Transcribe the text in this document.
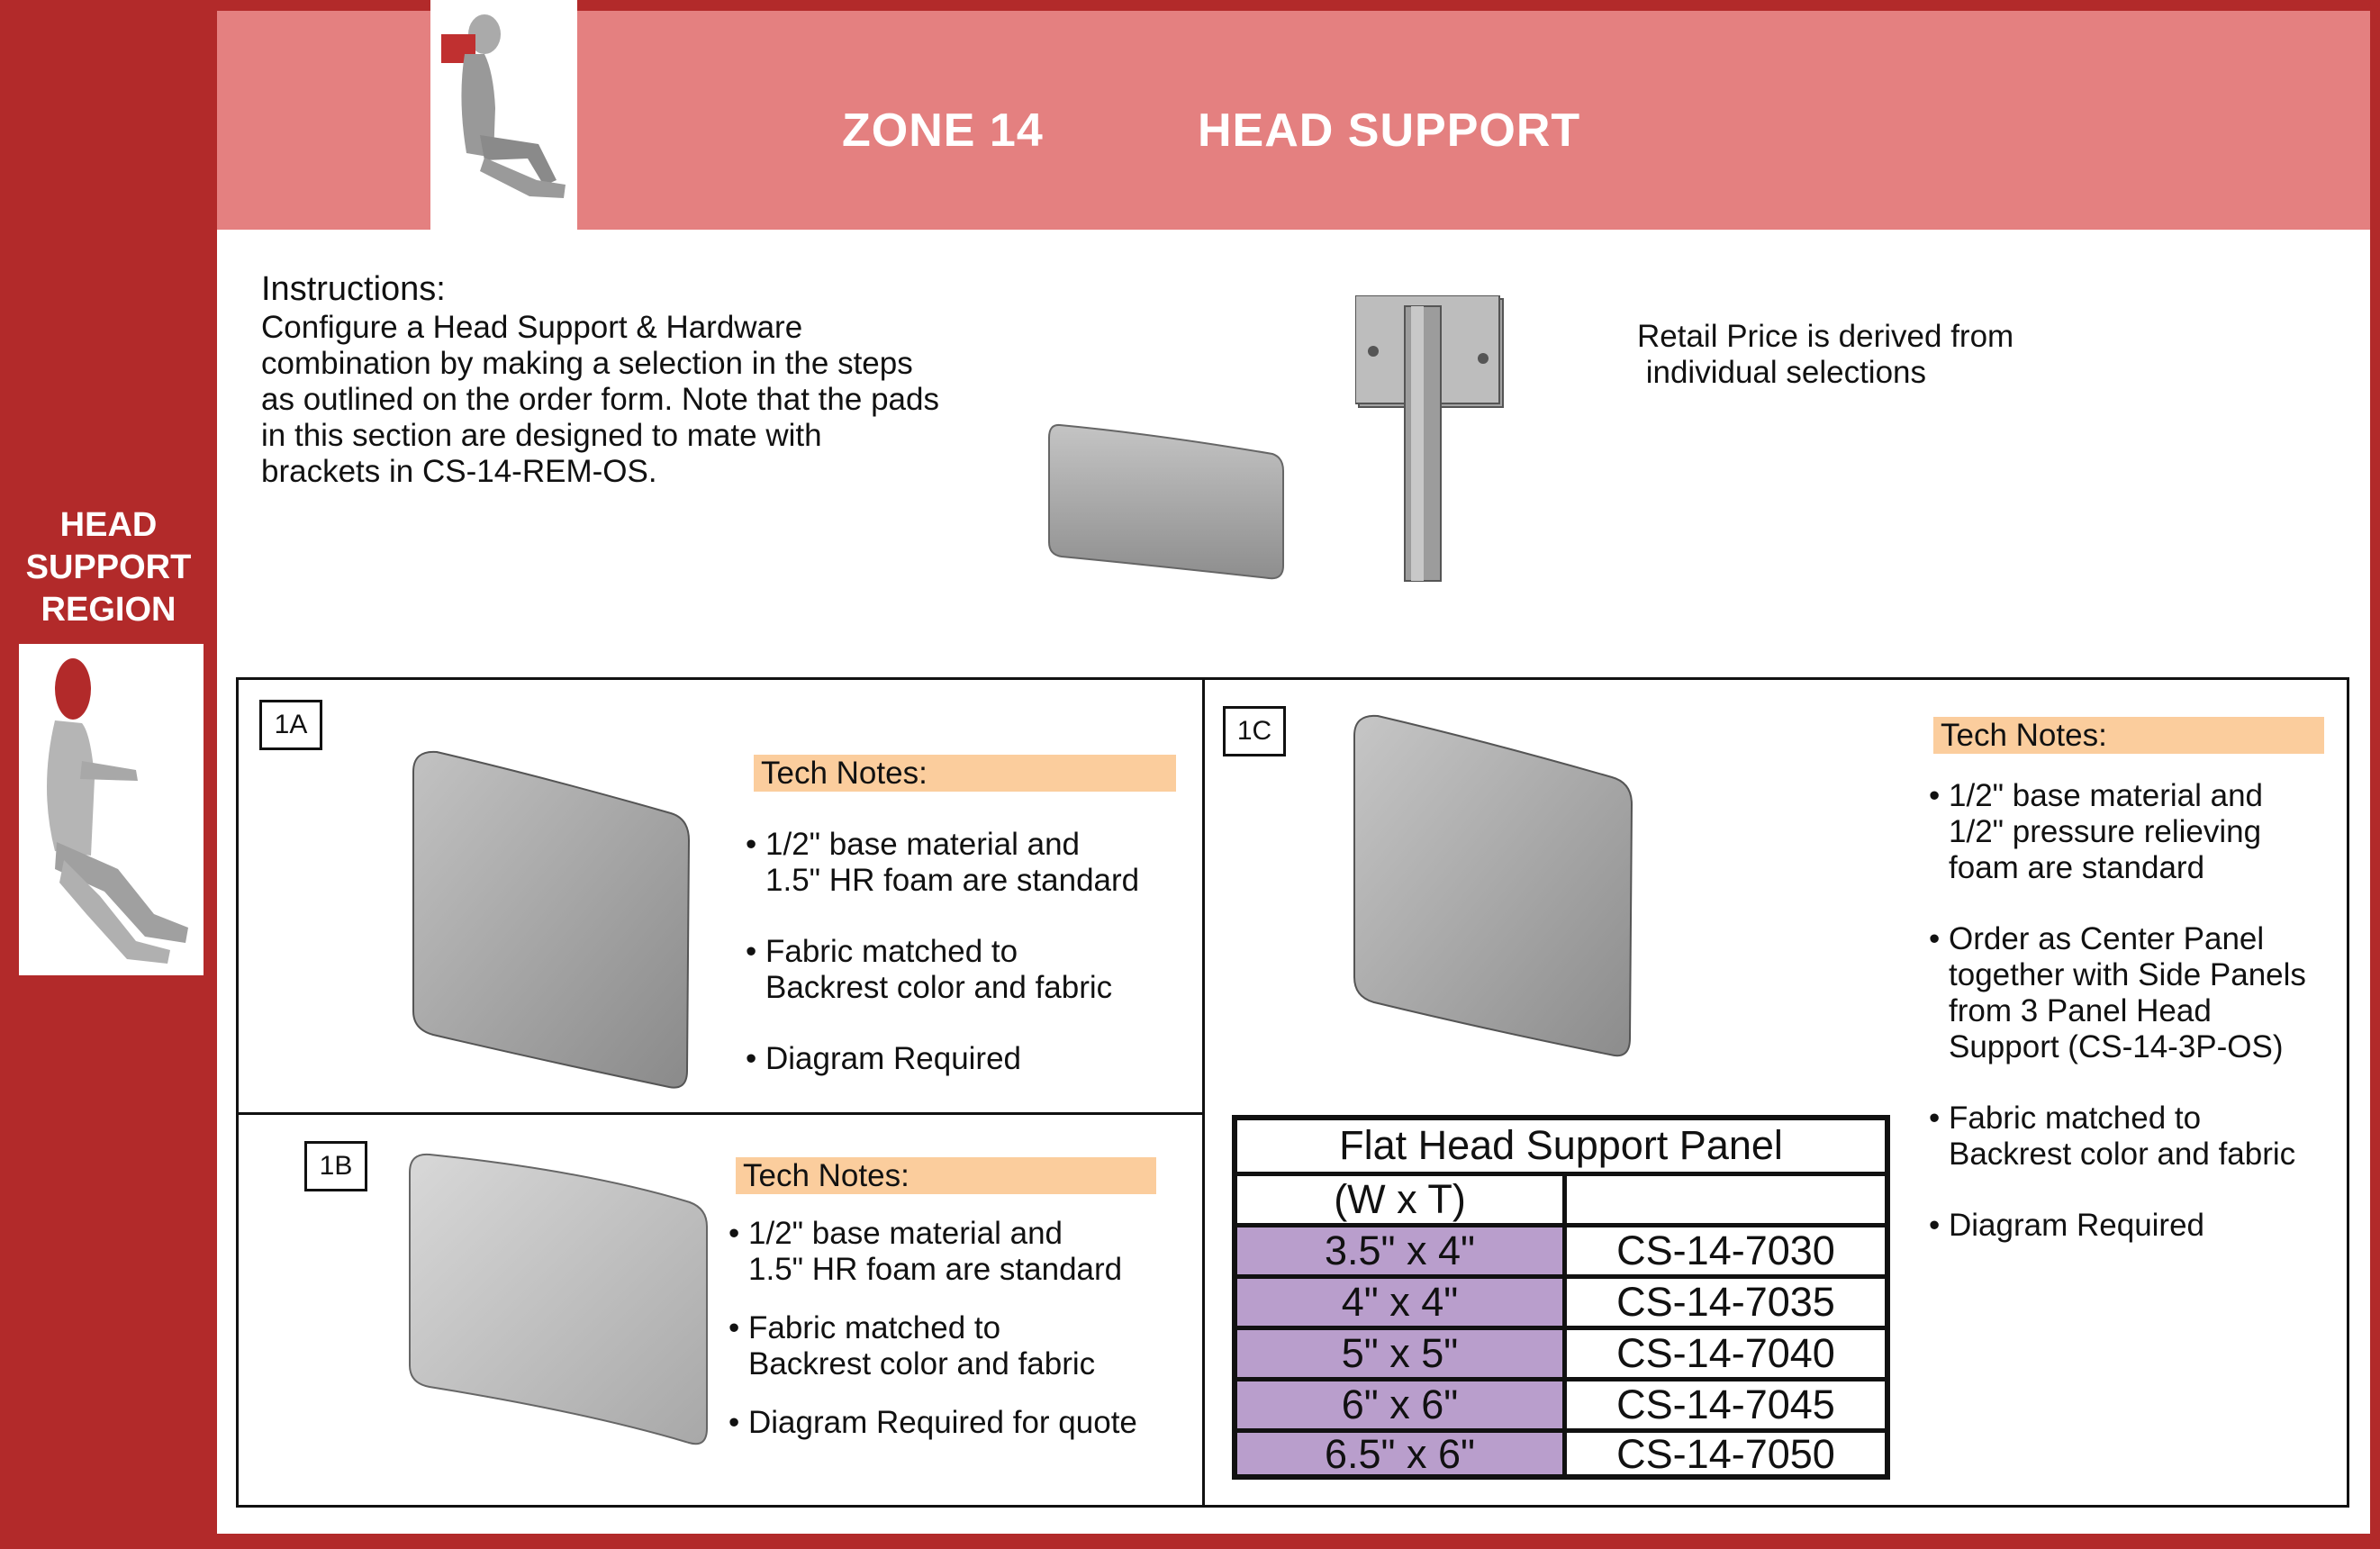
ZONE 14	HEAD SUPPORT
HEAD
SUPPORT
REGION
Instructions:
Configure a Head Support & Hardware
combination by making a selection in the steps
as outlined on the order form. Note that the pads
in this section are designed to mate with
brackets in CS-14-REM-OS.
Retail Price is derived from
individual selections
1A
Tech Notes:
• 1/2" base material and
1.5" HR foam are standard
• Fabric matched to
Backrest color and fabric
• Diagram Required
1B	Tech Notes:
• 1/2" base material and
1.5" HR foam are standard
• Fabric matched to
Backrest color and fabric
• Diagram Required for quote
1C	Tech Notes:
• 1/2" base material and
1/2" pressure relieving
foam are standard
• Order as Center Panel
together with Side Panels
from 3 Panel Head
Support (CS-14-3P-OS)
• Fabric matched to
Backrest color and fabric
• Diagram Required
Flat Head Support Panel
(W x T)
3.5" x 4"	CS-14-7030
4" x 4"	CS-14-7035
5" x 5"	CS-14-7040
6" x 6"	CS-14-7045
6.5" x 6"	CS-14-7050
